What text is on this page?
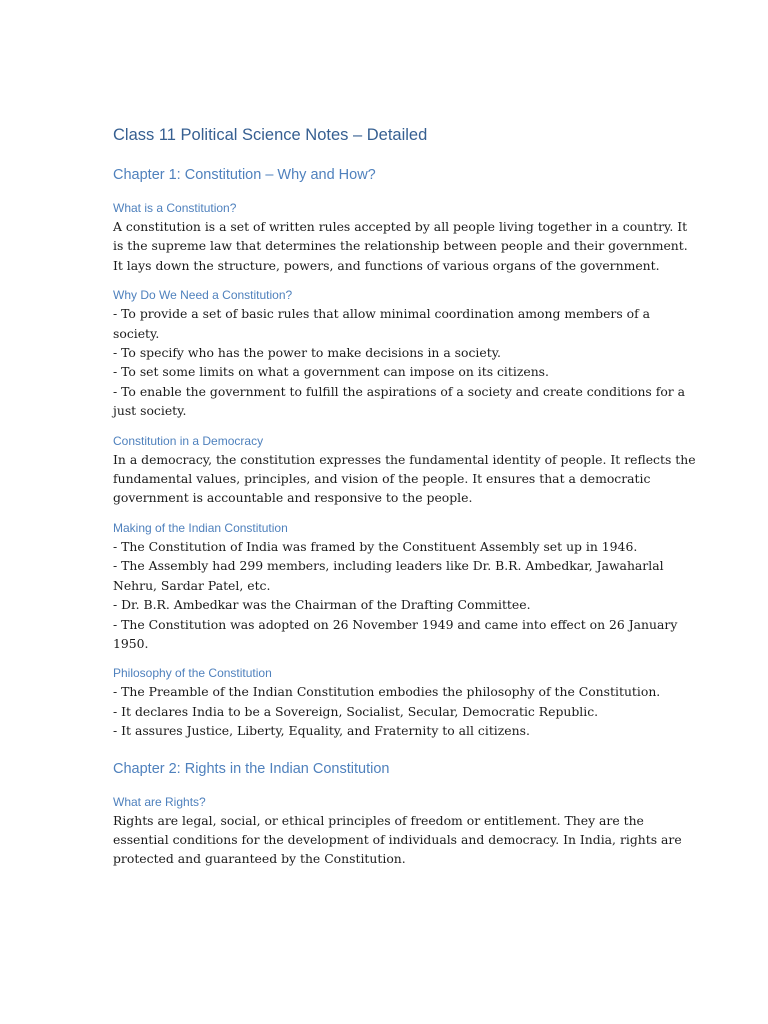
Class 11 Political Science Notes – Detailed
Chapter 1: Constitution – Why and How?
What is a Constitution?

A constitution is a set of written rules accepted by all people living together in a country. It
is the supreme law that determines the relationship between people and their government.
It lays down the structure, powers, and functions of various organs of the government.

Why Do We Need a Constitution?

- To provide a set of basic rules that allow minimal coordination among members of a
society.
- To specify who has the power to make decisions in a society.
- To set some limits on what a government can impose on its citizens.
- To enable the government to fulfill the aspirations of a society and create conditions for a
just society.

Constitution in a Democracy

In a democracy, the constitution expresses the fundamental identity of people. It reflects the
fundamental values, principles, and vision of the people. It ensures that a democratic
government is accountable and responsive to the people.

Making of the Indian Constitution

- The Constitution of India was framed by the Constituent Assembly set up in 1946.
- The Assembly had 299 members, including leaders like Dr. B.R. Ambedkar, Jawaharlal
Nehru, Sardar Patel, etc.
- Dr. B.R. Ambedkar was the Chairman of the Drafting Committee.
- The Constitution was adopted on 26 November 1949 and came into effect on 26 January
1950.

Philosophy of the Constitution

- The Preamble of the Indian Constitution embodies the philosophy of the Constitution.
- It declares India to be a Sovereign, Socialist, Secular, Democratic Republic.
- It assures Justice, Liberty, Equality, and Fraternity to all citizens.

Chapter 2: Rights in the Indian Constitution
What are Rights?

Rights are legal, social, or ethical principles of freedom or entitlement. They are the
essential conditions for the development of individuals and democracy. In India, rights are
protected and guaranteed by the Constitution.
